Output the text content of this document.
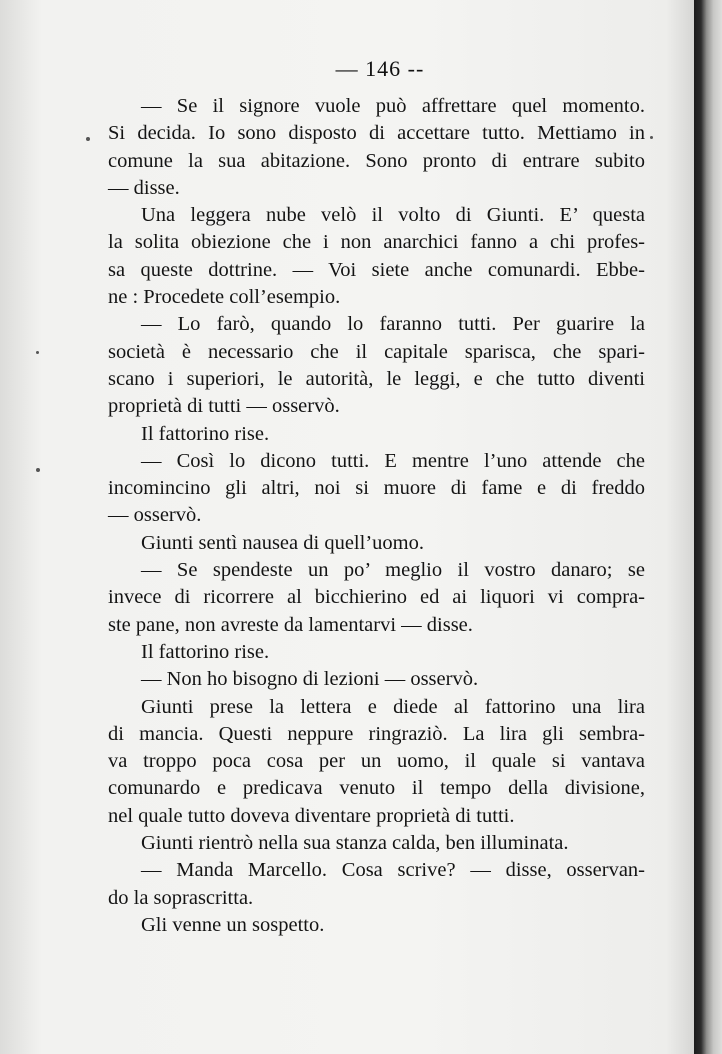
— 146 --
— Se il signore vuole può affrettare quel momento.
Si decida. Io sono disposto di accettare tutto. Mettiamo in
comune la sua abitazione. Sono pronto di entrare subito
— disse.
Una leggera nube velò il volto di Giunti. E’ questa
la solita obiezione che i non anarchici fanno a chi profes-
sa queste dottrine. — Voi siete anche comunardi. Ebbe-
ne : Procedete coll’esempio.
— Lo farò, quando lo faranno tutti. Per guarire la
società è necessario che il capitale sparisca, che spari-
scano i superiori, le autorità, le leggi, e che tutto diventi
proprietà di tutti — osservò.
Il fattorino rise.
— Così lo dicono tutti. E mentre l’uno attende che
incomincino gli altri, noi si muore di fame e di freddo
— osservò.
Giunti sentì nausea di quell’uomo.
— Se spendeste un po’ meglio il vostro danaro; se
invece di ricorrere al bicchierino ed ai liquori vi compra-
ste pane, non avreste da lamentarvi — disse.
Il fattorino rise.
— Non ho bisogno di lezioni — osservò.
Giunti prese la lettera e diede al fattorino una lira
di mancia. Questi neppure ringraziò. La lira gli sembra-
va troppo poca cosa per un uomo, il quale si vantava
comunardo e predicava venuto il tempo della divisione,
nel quale tutto doveva diventare proprietà di tutti.
Giunti rientrò nella sua stanza calda, ben illuminata.
— Manda Marcello. Cosa scrive? — disse, osservan-
do la soprascritta.
Gli venne un sospetto.
